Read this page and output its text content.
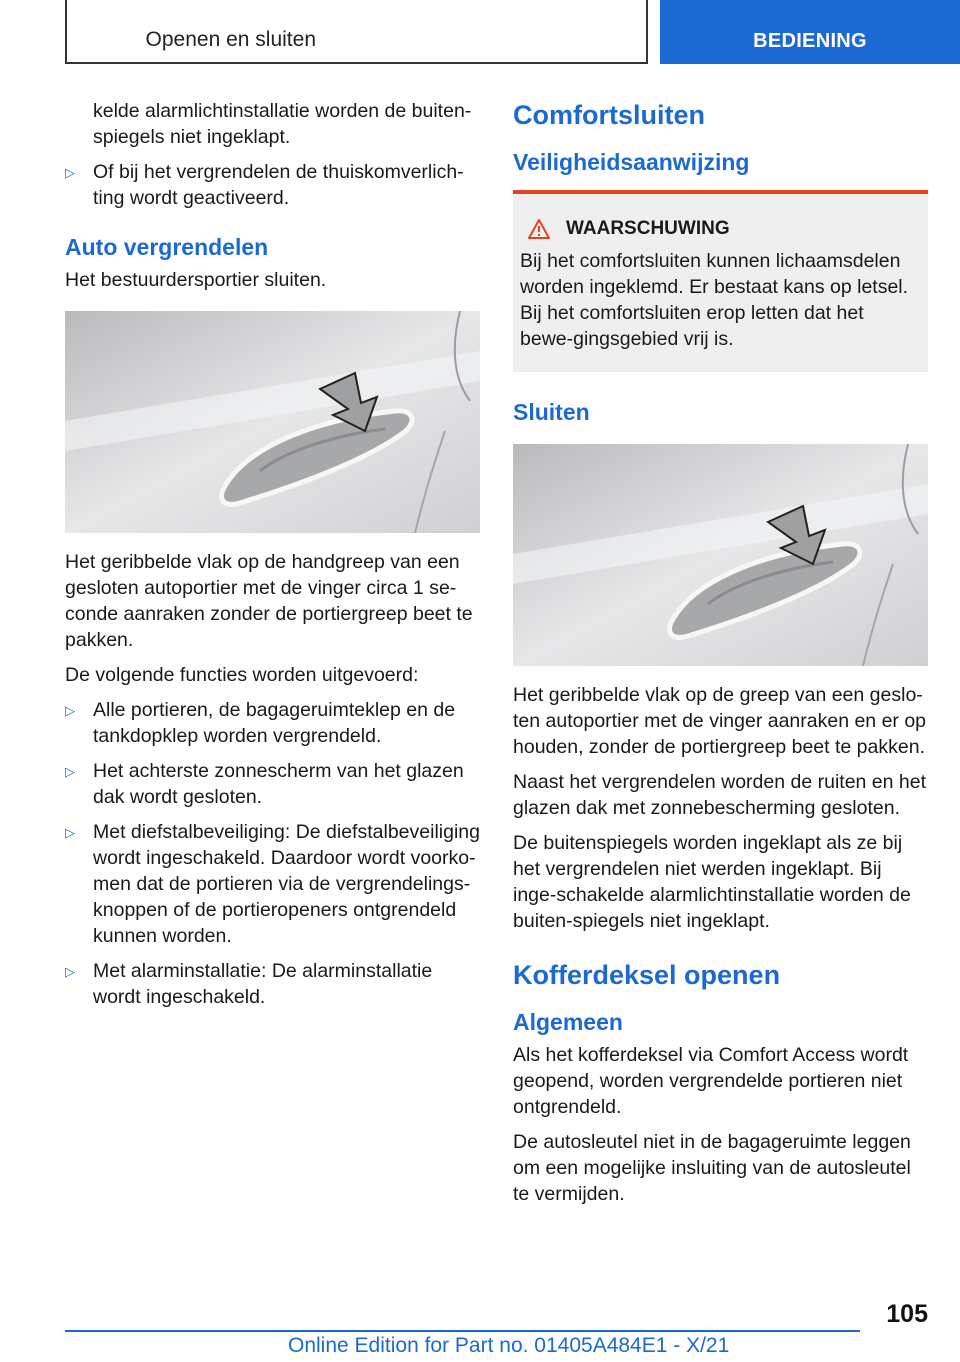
Openen en sluiten	BEDIENING
kelde alarmlichtinstallatie worden de buiten-spiegels niet ingeklapt.
▷ Of bij het vergrendelen de thuiskomverlich-ting wordt geactiveerd.
Auto vergrendelen

Het bestuurdersportier sluiten.

Het geribbelde vlak op de handgreep van een gesloten autoportier met de vinger circa 1 se-conde aanraken zonder de portiergreep beet te pakken.

De volgende functies worden uitgevoerd:

▷ Alle portieren, de bagageruimteklep en de tankdopklep worden vergrendeld.
▷ Het achterste zonnescherm van het glazen dak wordt gesloten.
▷ Met diefstalbeveiliging: De diefstalbeveiliging wordt ingeschakeld. Daardoor wordt voorko-men dat de portieren via de vergrendelings-knoppen of de portieropeners ontgrendeld kunnen worden.
▷ Met alarminstallatie: De alarminstallatie wordt ingeschakeld.
Comfortsluiten
Veiligheidsaanwijzing
WAARSCHUWING
Bij het comfortsluiten kunnen lichaamsdelen worden ingeklemd. Er bestaat kans op letsel. Bij het comfortsluiten erop letten dat het bewe-gingsgebied vrij is.
Sluiten

Het geribbelde vlak op de greep van een geslo-ten autoportier met de vinger aanraken en er op houden, zonder de portiergreep beet te pakken.

Naast het vergrendelen worden de ruiten en het glazen dak met zonnebescherming gesloten.

De buitenspiegels worden ingeklapt als ze bij het vergrendelen niet werden ingeklapt. Bij inge-schakelde alarmlichtinstallatie worden de buiten-spiegels niet ingeklapt.

Kofferdeksel openen
Algemeen

Als het kofferdeksel via Comfort Access wordt geopend, worden vergrendelde portieren niet ontgrendeld.

De autosleutel niet in de bagageruimte leggen om een mogelijke insluiting van de autosleutel te vermijden.

105
Online Edition for Part no. 01405A484E1 - X/21
